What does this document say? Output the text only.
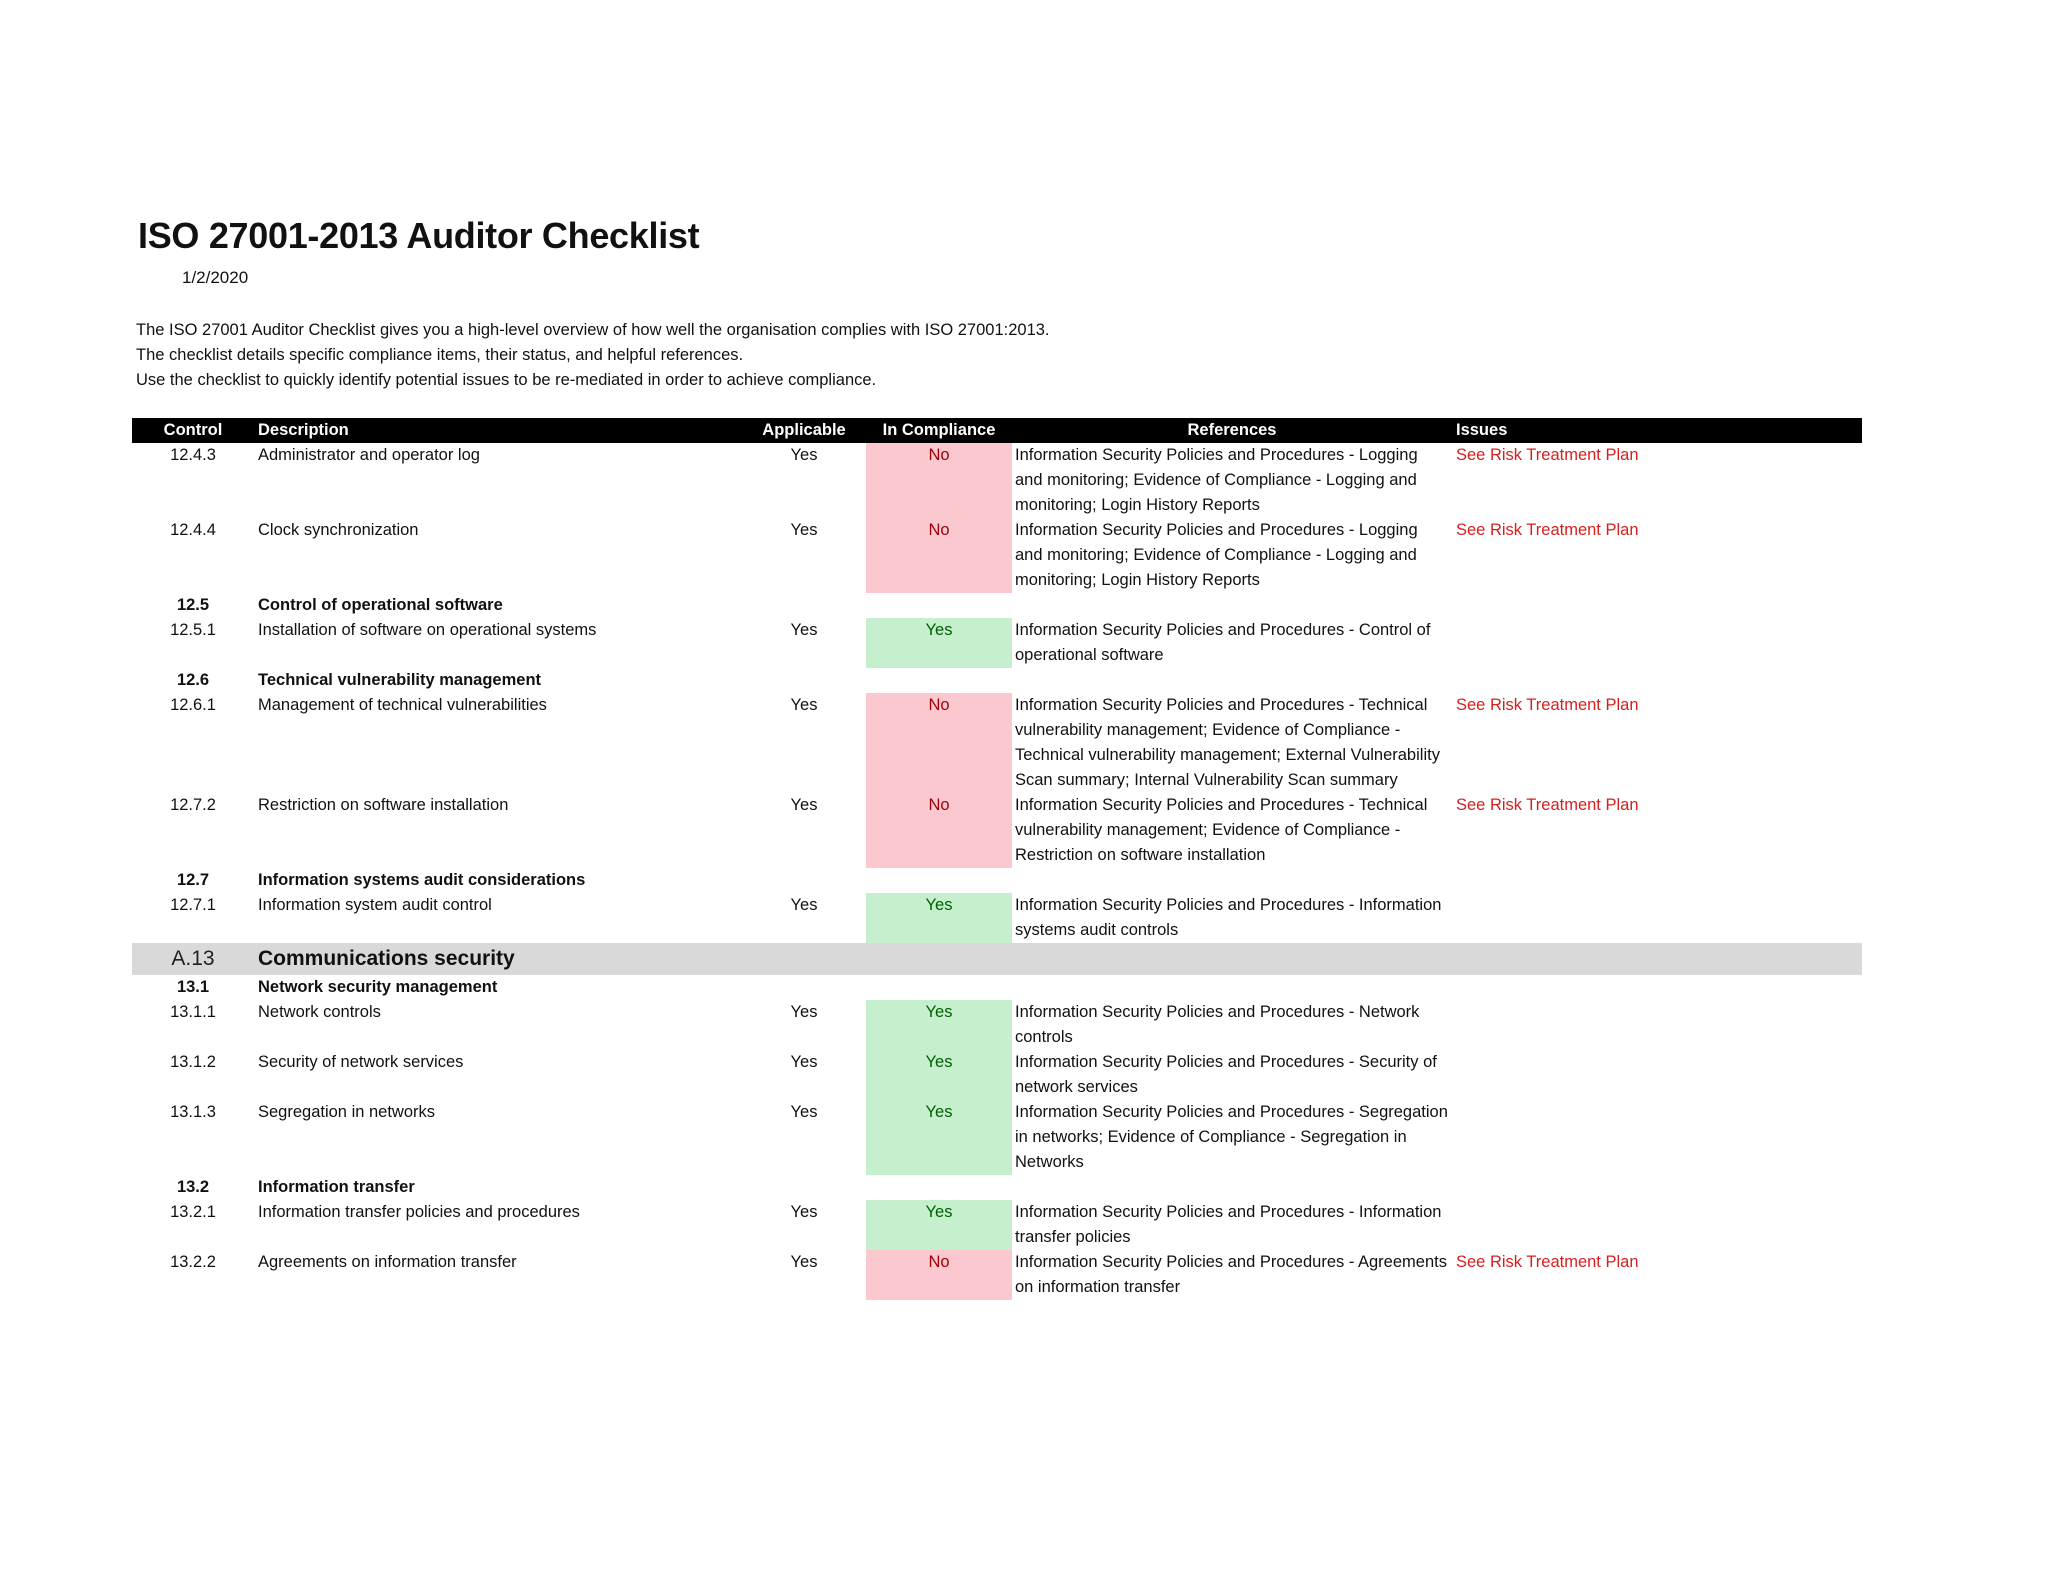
ISO 27001-2013 Auditor Checklist
1/2/2020
The ISO 27001 Auditor Checklist gives you a high-level overview of how well the organisation complies with ISO 27001:2013.
The checklist details specific compliance items, their status, and helpful references.
Use the checklist to quickly identify potential issues to be re-mediated in order to achieve compliance.
Control	Description	Applicable	In Compliance	References	Issues
12.4.3	Administrator and operator log	Yes	No	Information Security Policies and Procedures - Logging and monitoring; Evidence of Compliance - Logging and monitoring; Login History Reports	See Risk Treatment Plan
12.4.4	Clock synchronization	Yes	No	Information Security Policies and Procedures - Logging and monitoring; Evidence of Compliance - Logging and monitoring; Login History Reports	See Risk Treatment Plan
12.5	Control of operational software				
12.5.1	Installation of software on operational systems	Yes	Yes	Information Security Policies and Procedures - Control of operational software	
12.6	Technical vulnerability management				
12.6.1	Management of technical vulnerabilities	Yes	No	Information Security Policies and Procedures - Technical vulnerability management; Evidence of Compliance - Technical vulnerability management; External Vulnerability Scan summary; Internal Vulnerability Scan summary	See Risk Treatment Plan
12.7.2	Restriction on software installation	Yes	No	Information Security Policies and Procedures - Technical vulnerability management; Evidence of Compliance - Restriction on software installation	See Risk Treatment Plan
12.7	Information systems audit considerations				
12.7.1	Information system audit control	Yes	Yes	Information Security Policies and Procedures - Information systems audit controls	
A.13	Communications security				
13.1	Network security management				
13.1.1	Network controls	Yes	Yes	Information Security Policies and Procedures - Network controls	
13.1.2	Security of network services	Yes	Yes	Information Security Policies and Procedures - Security of network services	
13.1.3	Segregation in networks	Yes	Yes	Information Security Policies and Procedures - Segregation in networks; Evidence of Compliance - Segregation in Networks	
13.2	Information transfer				
13.2.1	Information transfer policies and procedures	Yes	Yes	Information Security Policies and Procedures - Information transfer policies	
13.2.2	Agreements on information transfer	Yes	No	Information Security Policies and Procedures - Agreements on information transfer	See Risk Treatment Plan
